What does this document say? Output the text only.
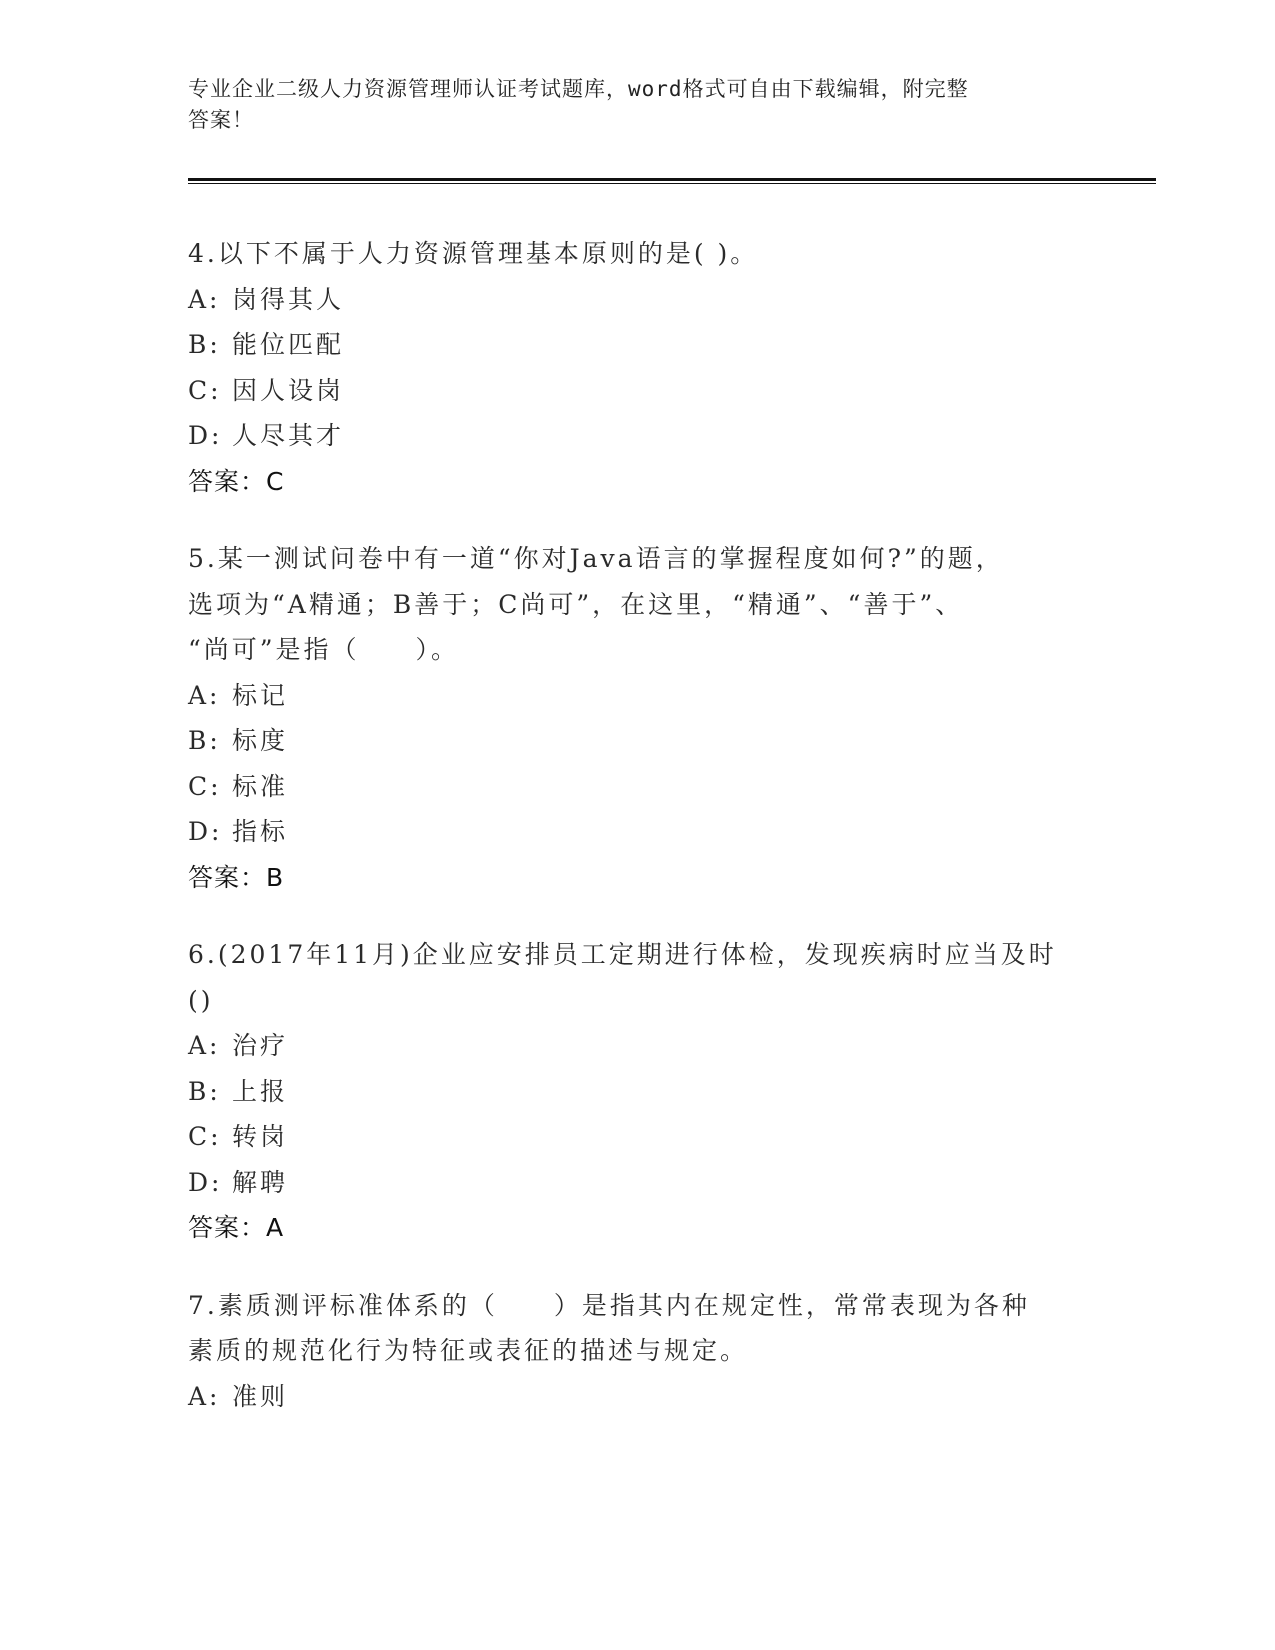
专业企业二级人力资源管理师认证考试题库，word格式可自由下载编辑，附完整
答案！
4.以下不属于人力资源管理基本原则的是( )。
A: 岗得其人
B: 能位匹配
C: 因人设岗
D: 人尽其才
答案：C
5.某一测试问卷中有一道“你对Java语言的掌握程度如何?”的题，
选项为“A精通；B善于；C尚可”，在这里，“精通”、“善于”、
“尚可”是指（　　）。
A: 标记
B: 标度
C: 标准
D: 指标
答案：B
6.(2017年11月)企业应安排员工定期进行体检，发现疾病时应当及时
()
A: 治疗
B: 上报
C: 转岗
D: 解聘
答案：A
7.素质测评标准体系的（　　）是指其内在规定性，常常表现为各种
素质的规范化行为特征或表征的描述与规定。
A: 准则
